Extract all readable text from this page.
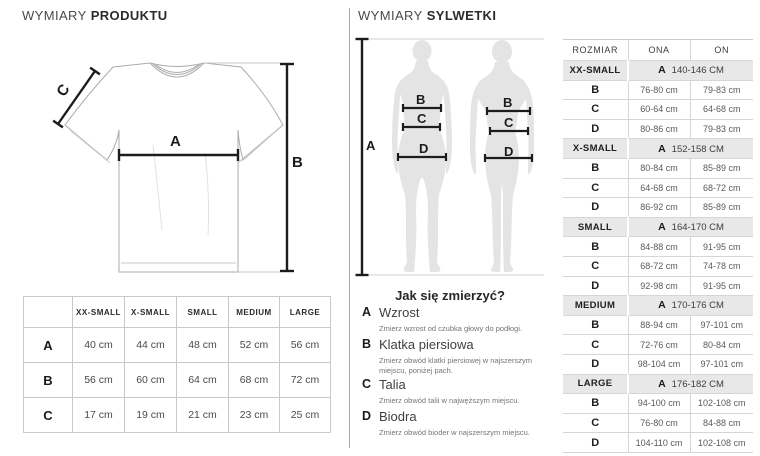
WYMIARY PRODUKTU
A
B
C
	XX-SMALL	X-SMALL	SMALL	MEDIUM	LARGE
A	40 cm	44 cm	48 cm	52 cm	56 cm
B	56 cm	60 cm	64 cm	68 cm	72 cm
C	17 cm	19 cm	21 cm	23 cm	25 cm
WYMIARY SYLWETKI
A
B
C
D
B
C
D
Jak się zmierzyć?
A Wzrost
Zmierz wzrost od czubka głowy do podłogi.
B Klatka piersiowa
Zmierz obwód klatki piersiowej w najszerszym miejscu, poniżej pach.
C Talia
Zmierz obwód talii w najwęższym miejscu.
D Biodra
Zmierz obwód bioder w najszerszym miejscu.
ROZMIAR	ONA	ON
XX-SMALL	A 140-146 CM	
B	76-80 cm	79-83 cm
C	60-64 cm	64-68 cm
D	80-86 cm	79-83 cm
X-SMALL	A 152-158 CM	
B	80-84 cm	85-89 cm
C	64-68 cm	68-72 cm
D	86-92 cm	85-89 cm
SMALL	A 164-170 CM	
B	84-88 cm	91-95 cm
C	68-72 cm	74-78 cm
D	92-98 cm	91-95 cm
MEDIUM	A 170-176 CM	
B	88-94 cm	97-101 cm
C	72-76 cm	80-84 cm
D	98-104 cm	97-101 cm
LARGE	A 176-182 CM	
B	94-100 cm	102-108 cm
C	76-80 cm	84-88 cm
D	104-110 cm	102-108 cm
